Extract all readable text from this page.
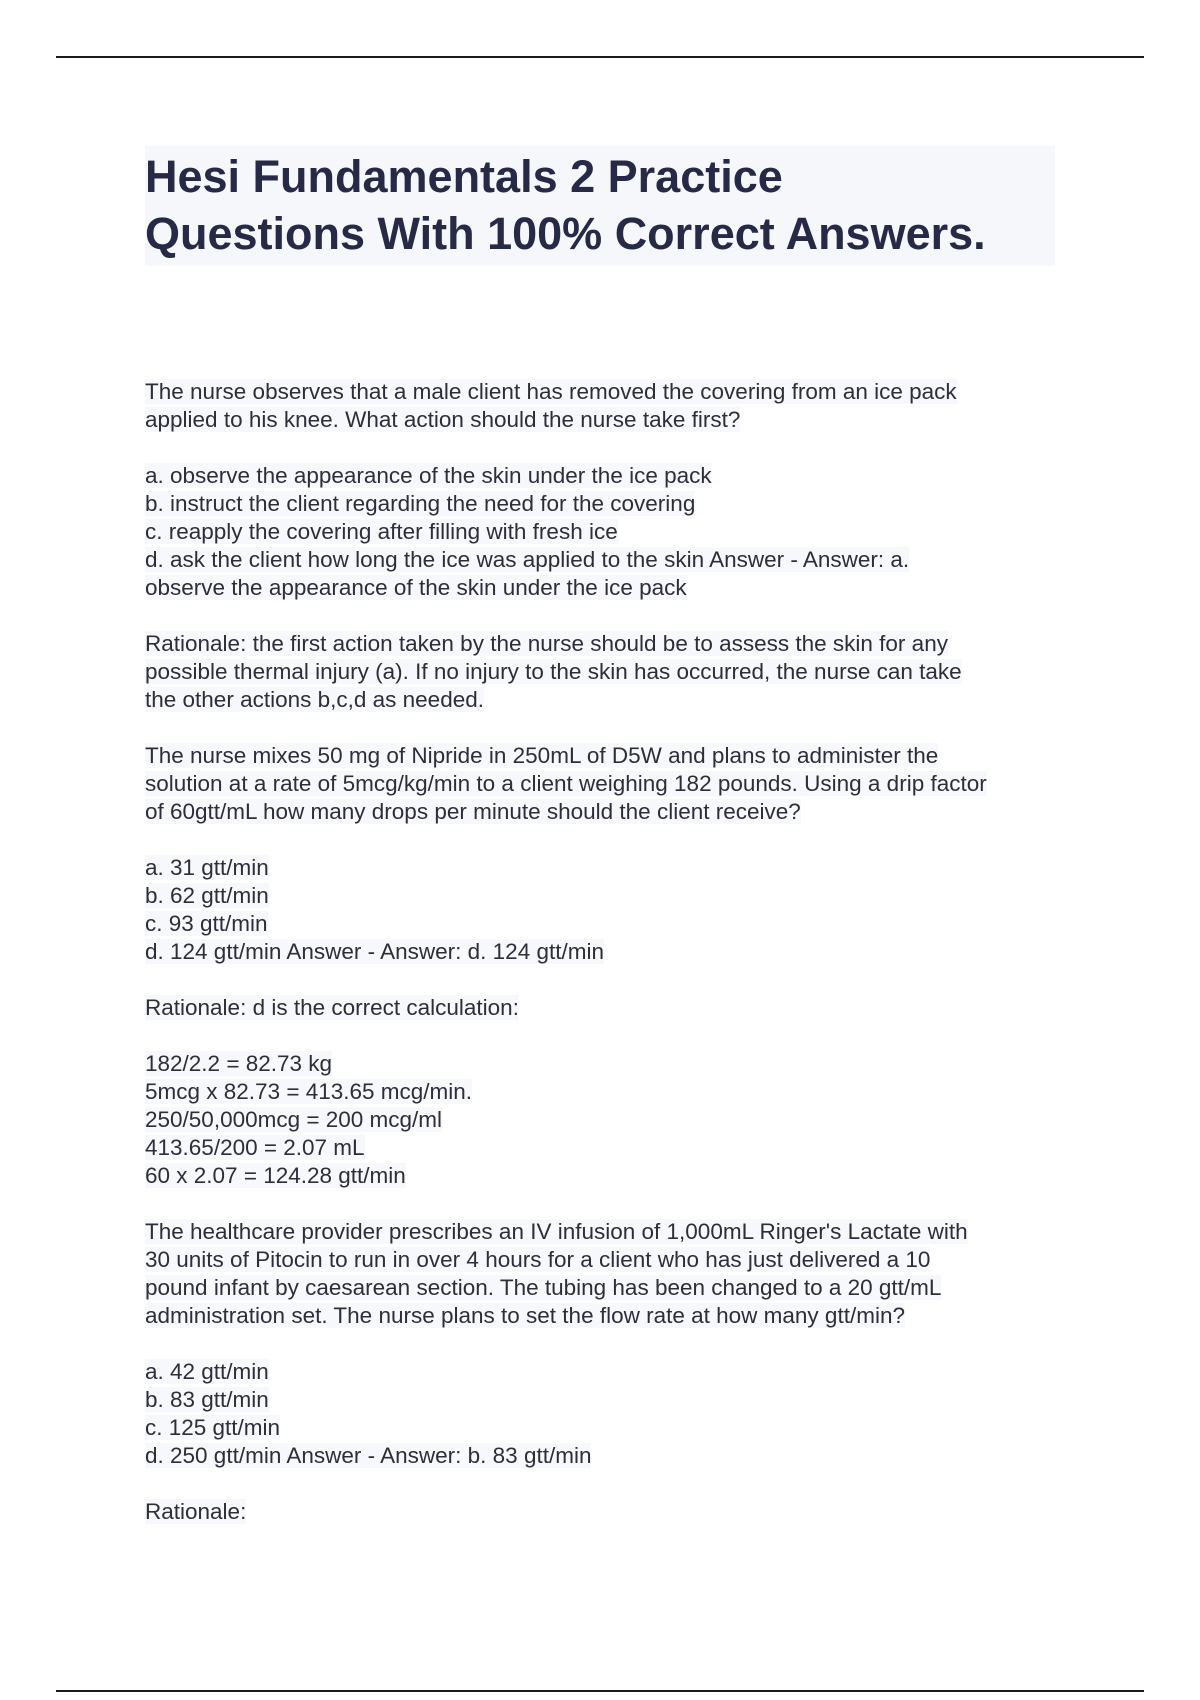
Hesi Fundamentals 2 Practice
Questions With 100% Correct Answers.

The nurse observes that a male client has removed the covering from an ice pack
applied to his knee. What action should the nurse take first?

a. observe the appearance of the skin under the ice pack
b. instruct the client regarding the need for the covering
c. reapply the covering after filling with fresh ice
d. ask the client how long the ice was applied to the skin Answer - Answer: a.
observe the appearance of the skin under the ice pack

Rationale: the first action taken by the nurse should be to assess the skin for any
possible thermal injury (a). If no injury to the skin has occurred, the nurse can take
the other actions b,c,d as needed.

The nurse mixes 50 mg of Nipride in 250mL of D5W and plans to administer the
solution at a rate of 5mcg/kg/min to a client weighing 182 pounds. Using a drip factor
of 60gtt/mL how many drops per minute should the client receive?

a. 31 gtt/min
b. 62 gtt/min
c. 93 gtt/min
d. 124 gtt/min Answer - Answer: d. 124 gtt/min

Rationale: d is the correct calculation:

182/2.2 = 82.73 kg
5mcg x 82.73 = 413.65 mcg/min.
250/50,000mcg = 200 mcg/ml
413.65/200 = 2.07 mL
60 x 2.07 = 124.28 gtt/min

The healthcare provider prescribes an IV infusion of 1,000mL Ringer's Lactate with
30 units of Pitocin to run in over 4 hours for a client who has just delivered a 10
pound infant by caesarean section. The tubing has been changed to a 20 gtt/mL
administration set. The nurse plans to set the flow rate at how many gtt/min?

a. 42 gtt/min
b. 83 gtt/min
c. 125 gtt/min
d. 250 gtt/min Answer - Answer: b. 83 gtt/min

Rationale:
